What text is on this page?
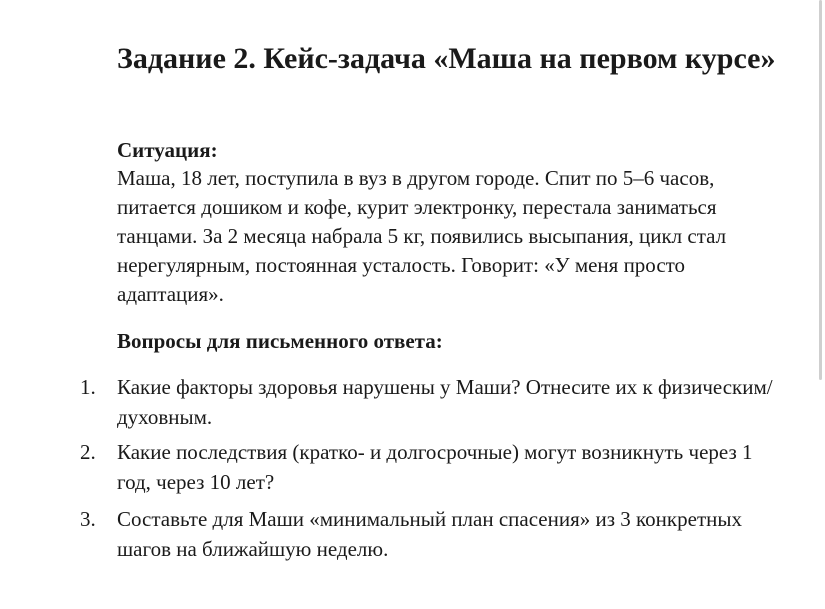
Задание 2. Кейс-задача «Маша на первом курсе»

Ситуация:

Маша, 18 лет, поступила в вуз в другом городе. Спит по 5–6 часов, питается дошиком и кофе, курит электронку, перестала заниматься танцами. За 2 месяца набрала 5 кг, появились высыпания, цикл стал нерегулярным, постоянная усталость. Говорит: «У меня просто адаптация».

Вопросы для письменного ответа:

1.	Какие факторы здоровья нарушены у Маши? Отнесите их к физическим/духовным.
2.	Какие последствия (кратко- и долгосрочные) могут возникнуть через 1 год, через 10 лет?
3.	Составьте для Маши «минимальный план спасения» из 3 конкретных шагов на ближайшую неделю.
